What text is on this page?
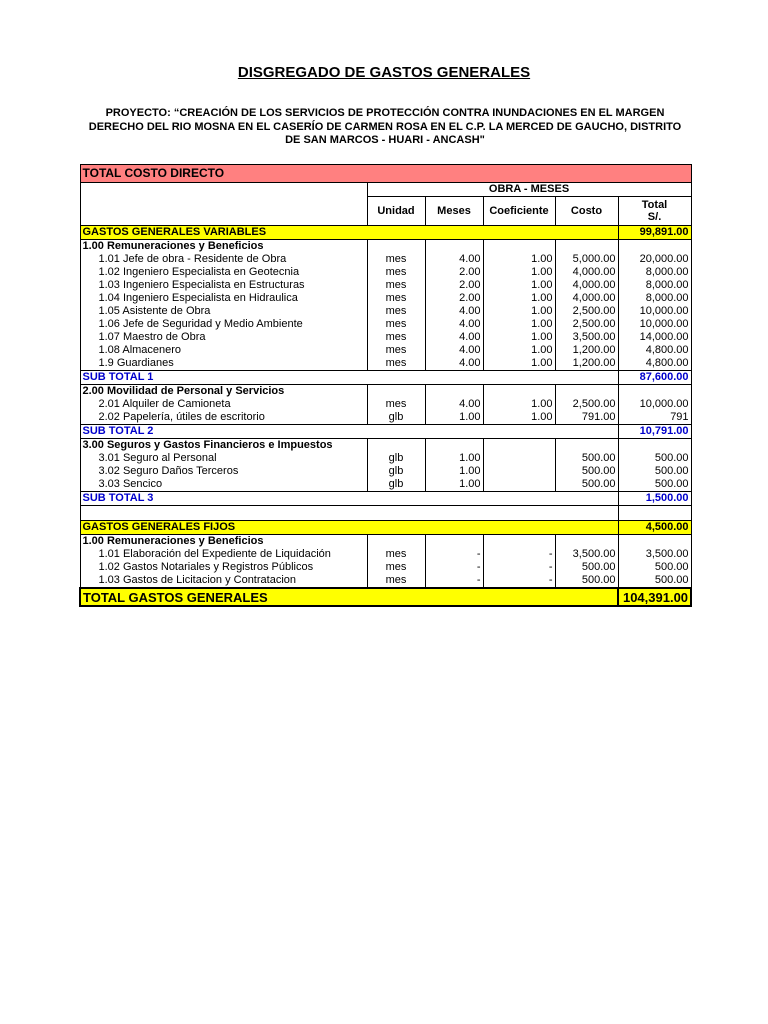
DISGREGADO DE GASTOS GENERALES
PROYECTO: “CREACIÓN DE LOS SERVICIOS DE PROTECCIÓN CONTRA INUNDACIONES EN EL MARGEN DERECHO DEL RIO MOSNA EN EL CASERÍO DE CARMEN ROSA EN EL C.P. LA MERCED DE GAUCHO, DISTRITO DE SAN MARCOS - HUARI - ANCASH"
TOTAL COSTO DIRECTO					
	OBRA - MESES				
	Unidad	Meses	Coeficiente	Costo	Total
S/.
GASTOS GENERALES VARIABLES					99,891.00
1.00 Remuneraciones y Beneficios					
1.01 Jefe de obra - Residente de Obra	mes	4.00	1.00	5,000.00	20,000.00
1.02 Ingeniero Especialista en Geotecnia	mes	2.00	1.00	4,000.00	8,000.00
1.03 Ingeniero Especialista en Estructuras	mes	2.00	1.00	4,000.00	8,000.00
1.04 Ingeniero Especialista en Hidraulica	mes	2.00	1.00	4,000.00	8,000.00
1.05 Asistente de Obra	mes	4.00	1.00	2,500.00	10,000.00
1.06 Jefe de Seguridad y Medio Ambiente	mes	4.00	1.00	2,500.00	10,000.00
1.07 Maestro de Obra	mes	4.00	1.00	3,500.00	14,000.00
1.08 Almacenero	mes	4.00	1.00	1,200.00	4,800.00
1.9 Guardianes	mes	4.00	1.00	1,200.00	4,800.00
SUB TOTAL 1					87,600.00
2.00 Movilidad de Personal y Servicios					
2.01 Alquiler de Camioneta	mes	4.00	1.00	2,500.00	10,000.00
2.02 Papelería, útiles de escritorio	glb	1.00	1.00	791.00	791
SUB TOTAL 2					10,791.00
3.00 Seguros y Gastos Financieros e Impuestos					
3.01 Seguro al Personal	glb	1.00		500.00	500.00
3.02 Seguro Daños Terceros	glb	1.00		500.00	500.00
3.03 Sencico	glb	1.00		500.00	500.00
SUB TOTAL 3					1,500.00

GASTOS GENERALES FIJOS					4,500.00
1.00 Remuneraciones y Beneficios					
1.01 Elaboración del Expediente de Liquidación	mes	-	-	3,500.00	3,500.00
1.02 Gastos Notariales y Registros Públicos	mes	-	-	500.00	500.00
1.03 Gastos de Licitacion y Contratacion	mes	-	-	500.00	500.00
TOTAL GASTOS GENERALES					104,391.00
